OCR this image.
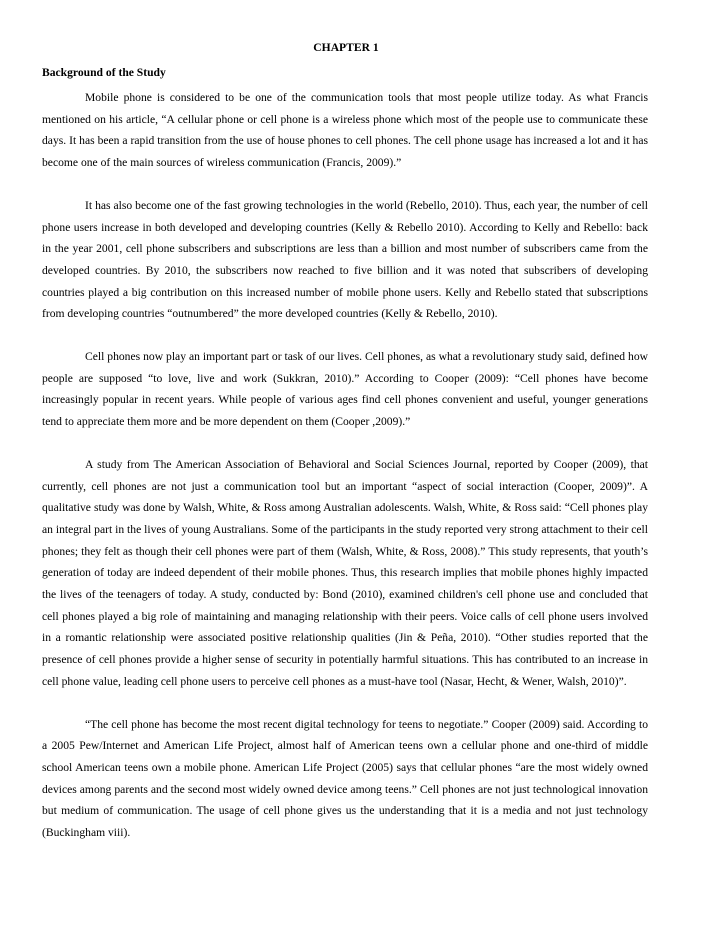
CHAPTER 1
Background of the Study

Mobile phone is considered to be one of the communication tools that most people utilize today. As what Francis mentioned on his article, “A cellular phone or cell phone is a wireless phone which most of the people use to communicate these days. It has been a rapid transition from the use of house phones to cell phones. The cell phone usage has increased a lot and it has become one of the main sources of wireless communication (Francis, 2009).”

It has also become one of the fast growing technologies in the world (Rebello, 2010). Thus, each year, the number of cell phone users increase in both developed and developing countries (Kelly & Rebello 2010). According to Kelly and Rebello: back in the year 2001, cell phone subscribers and subscriptions are less than a billion and most number of subscribers came from the developed countries. By 2010, the subscribers now reached to five billion and it was noted that subscribers of developing countries played a big contribution on this increased number of mobile phone users. Kelly and Rebello stated that subscriptions from developing countries “outnumbered” the more developed countries (Kelly & Rebello, 2010).

Cell phones now play an important part or task of our lives. Cell phones, as what a revolutionary study said, defined how people are supposed “to love, live and work (Sukkran, 2010).” According to Cooper (2009): “Cell phones have become increasingly popular in recent years. While people of various ages find cell phones convenient and useful, younger generations tend to appreciate them more and be more dependent on them (Cooper ,2009).”

A study from The American Association of Behavioral and Social Sciences Journal, reported by Cooper (2009), that currently, cell phones are not just a communication tool but an important “aspect of social interaction (Cooper, 2009)”. A qualitative study was done by Walsh, White, & Ross among Australian adolescents. Walsh, White, & Ross said: “Cell phones play an integral part in the lives of young Australians. Some of the participants in the study reported very strong attachment to their cell phones; they felt as though their cell phones were part of them (Walsh, White, & Ross, 2008).” This study represents, that youth’s generation of today are indeed dependent of their mobile phones. Thus, this research implies that mobile phones highly impacted the lives of the teenagers of today. A study, conducted by: Bond (2010), examined children's cell phone use and concluded that cell phones played a big role of maintaining and managing relationship with their peers. Voice calls of cell phone users involved in a romantic relationship were associated positive relationship qualities (Jin & Peña, 2010). “Other studies reported that the presence of cell phones provide a higher sense of security in potentially harmful situations. This has contributed to an increase in cell phone value, leading cell phone users to perceive cell phones as a must-have tool (Nasar, Hecht, & Wener, Walsh, 2010)”.

“The cell phone has become the most recent digital technology for teens to negotiate.” Cooper (2009) said. According to a 2005 Pew/Internet and American Life Project, almost half of American teens own a cellular phone and one-third of middle school American teens own a mobile phone. American Life Project (2005) says that cellular phones “are the most widely owned devices among parents and the second most widely owned device among teens.” Cell phones are not just technological innovation but medium of communication. The usage of cell phone gives us the understanding that it is a media and not just technology (Buckingham viii).
